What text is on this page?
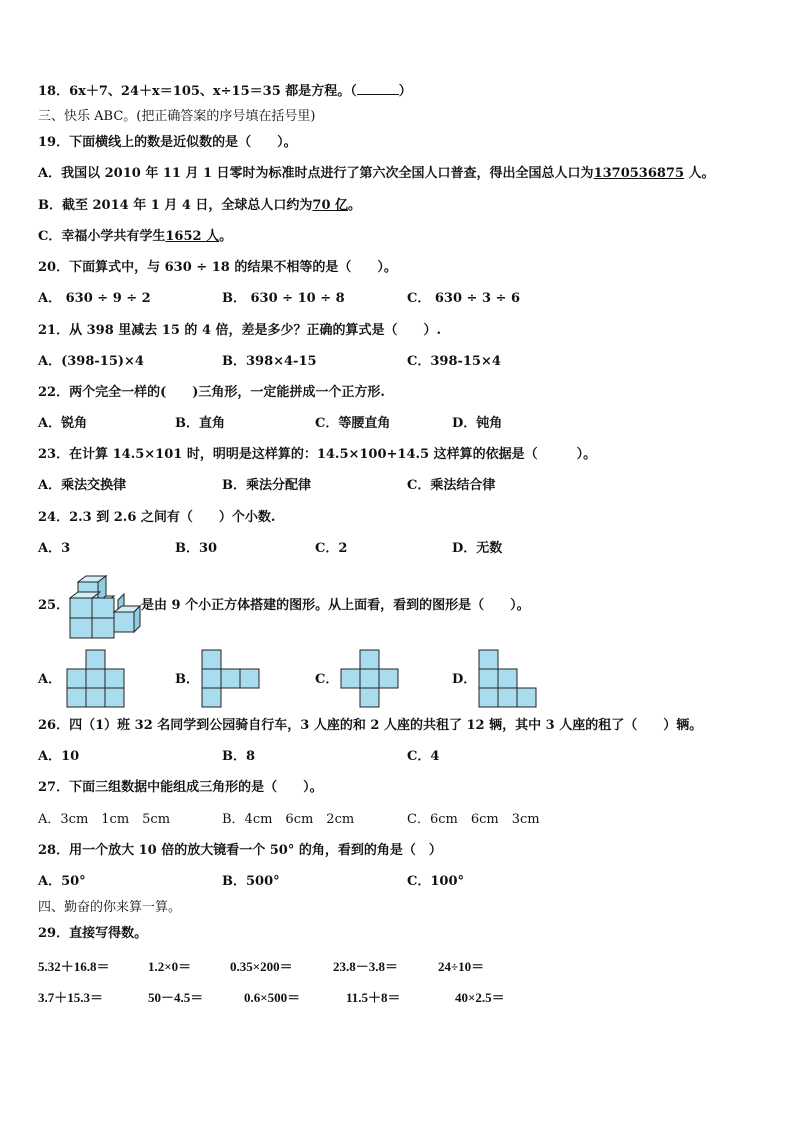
18．6x＋7、24＋x＝105、x÷15＝35 都是方程。（	）
三、快乐 ABC。(把正确答案的序号填在括号里)
19．下面横线上的数是近似数的是（　　）。
A．我国以 2010 年 11 月 1 日零时为标准时点进行了第六次全国人口普查，得出全国总人口为1370536875 人。
B．截至 2014 年 1 月 4 日，全球总人口约为70 亿。
C．幸福小学共有学生1652 人。
20．下面算式中，与 630 ÷ 18 的结果不相等的是（　　）。
A． 630 ÷ 9 ÷ 2	B． 630 ÷ 10 ÷ 8	C． 630 ÷ 3 ÷ 6
21．从 398 里减去 15 的 4 倍，差是多少？正确的算式是（　　）.
A．(398-15)×4	B．398×4-15	C．398-15×4
22．两个完全一样的(　　)三角形，一定能拼成一个正方形.
A．锐角	B．直角	C．等腰直角	D．钝角
23．在计算 14.5×101 时，明明是这样算的：14.5×100+14.5 这样算的依据是（　　　）。
A．乘法交换律	B．乘法分配律	C．乘法结合律
24．2.3 到 2.6 之间有（　　）个小数.
A．3	B．30	C．2	D．无数
25．	是由 9 个小正方体搭建的图形。从上面看，看到的图形是（　　）。
A．	B．	C．	D．
26．四（1）班 32 名同学到公园骑自行车，3 人座的和 2 人座的共租了 12 辆，其中 3 人座的租了（　　）辆。
A．10	B．8	C．4
27．下面三组数据中能组成三角形的是（　　）。
A．3cm　1cm　5cm	B．4cm　6cm　2cm	C．6cm　6cm　3cm
28．用一个放大 10 倍的放大镜看一个 50° 的角，看到的角是（　）
A．50°	B．500°	C．100°
四、勤奋的你来算一算。
29．直接写得数。
5.32＋16.8＝	1.2×0＝	0.35×200＝	23.8－3.8＝	24÷10＝
3.7＋15.3＝	50－4.5＝	0.6×500＝	11.5＋8＝	40×2.5＝
